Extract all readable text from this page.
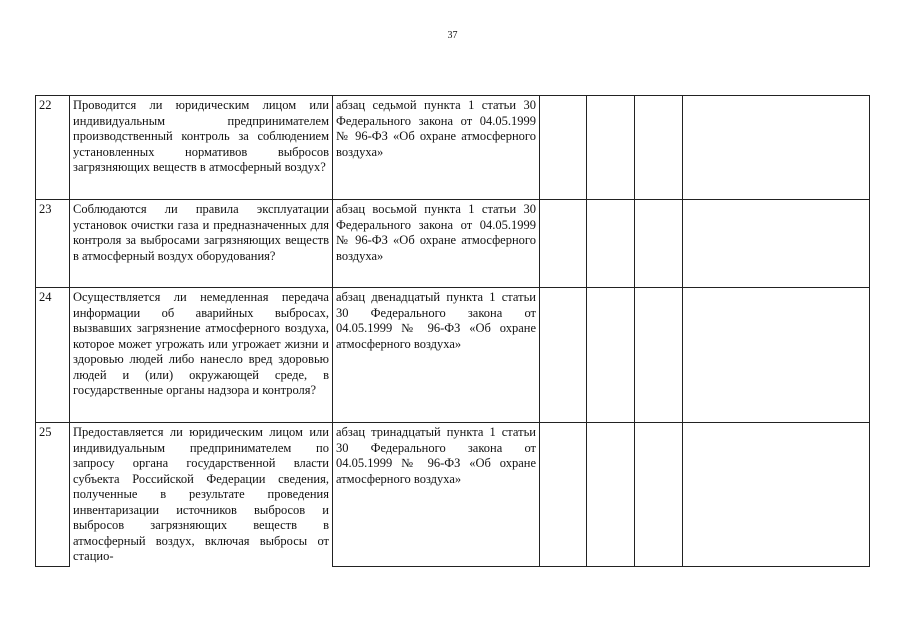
37
22	Проводится ли юридическим лицом или индивидуальным предпринимателем производственный контроль за соблюдением установленных нормативов выбросов загрязняющих веществ в атмосферный воздух?	абзац седьмой пункта 1 статьи 30 Федерального закона от 04.05.1999 № 96-ФЗ «Об охране атмосферного воздуха»				
23	Соблюдаются ли правила эксплуатации установок очистки газа и предназначенных для контроля за выбросами загрязняющих веществ в атмосферный воздух оборудования?	абзац восьмой пункта 1 статьи 30 Федерального закона от 04.05.1999 № 96-ФЗ «Об охране атмосферного воздуха»				
24	Осуществляется ли немедленная передача информации об аварийных выбросах, вызвавших загрязнение атмосферного воздуха, которое может угрожать или угрожает жизни и здоровью людей либо нанесло вред здоровью людей и (или) окружающей среде, в государственные органы надзора и контроля?	абзац двенадцатый пункта 1 статьи 30 Федерального закона от 04.05.1999 № 96-ФЗ «Об охране атмосферного воздуха»				
25	Предоставляется ли юридическим лицом или индивидуальным предпринимателем по запросу органа государственной власти субъекта Российской Федерации сведения, полученные в результате проведения инвентаризации источников выбросов и выбросов загрязняющих веществ в атмосферный воздух, включая выбросы от стацио-	абзац тринадцатый пункта 1 статьи 30 Федерального закона от 04.05.1999 № 96-ФЗ «Об охране атмосферного воздуха»				
